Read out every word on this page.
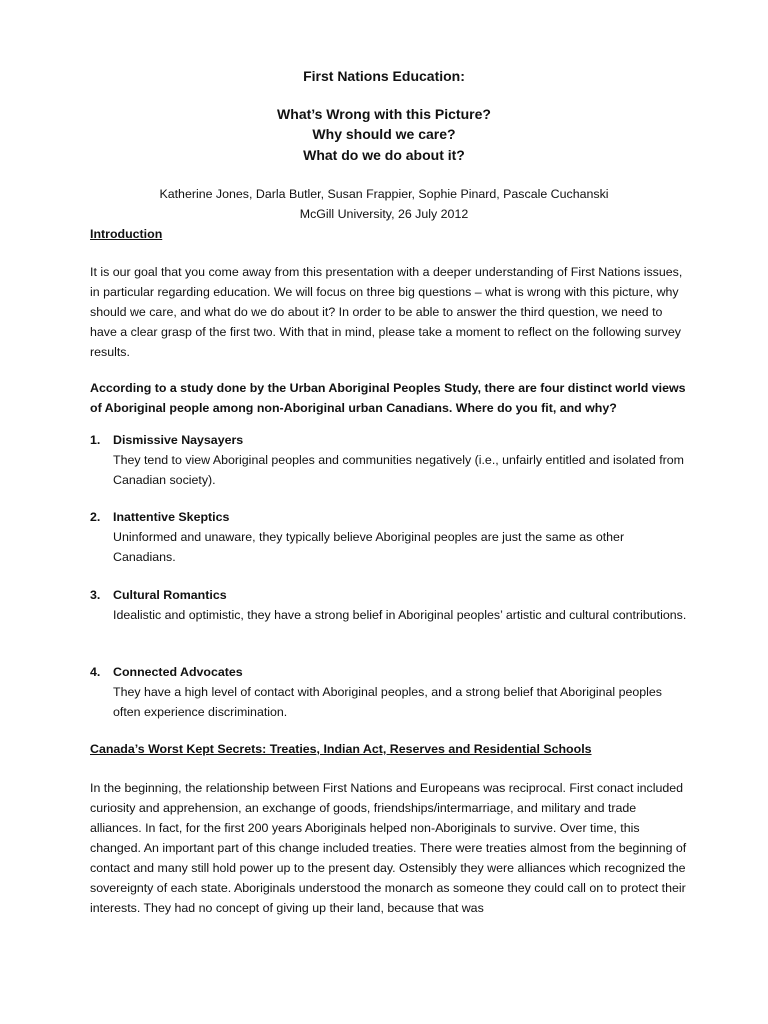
First Nations Education:

What’s Wrong with this Picture?

Why should we care?

What do we do about it?

Katherine Jones, Darla Butler, Susan Frappier, Sophie Pinard, Pascale Cuchanski

McGill University, 26 July 2012

Introduction

It is our goal that you come away from this presentation with a deeper understanding of First Nations issues, in particular regarding education. We will focus on three big questions – what is wrong with this picture, why should we care, and what do we do about it? In order to be able to answer the third question, we need to have a clear grasp of the first two. With that in mind, please take a moment to reflect on the following survey results.

According to a study done by the Urban Aboriginal Peoples Study, there are four distinct world views of Aboriginal people among non-Aboriginal urban Canadians. Where do you fit, and why?

1.	Dismissive Naysayers
They tend to view Aboriginal peoples and communities negatively (i.e., unfairly entitled and isolated from Canadian society).
2.	Inattentive Skeptics
Uninformed and unaware, they typically believe Aboriginal peoples are just the same as other Canadians.
3.	Cultural Romantics
Idealistic and optimistic, they have a strong belief in Aboriginal peoples’ artistic and cultural contributions.
4.	Connected Advocates
They have a high level of contact with Aboriginal peoples, and a strong belief that Aboriginal peoples often experience discrimination.

Canada’s Worst Kept Secrets: Treaties, Indian Act, Reserves and Residential Schools

In the beginning, the relationship between First Nations and Europeans was reciprocal. First conact included curiosity and apprehension, an exchange of goods, friendships/intermarriage, and military and trade alliances. In fact, for the first 200 years Aboriginals helped non-Aboriginals to survive. Over time, this changed. An important part of this change included treaties. There were treaties almost from the beginning of contact and many still hold power up to the present day. Ostensibly they were alliances which recognized the sovereignty of each state. Aboriginals understood the monarch as someone they could call on to protect their interests. They had no concept of giving up their land, because that was
